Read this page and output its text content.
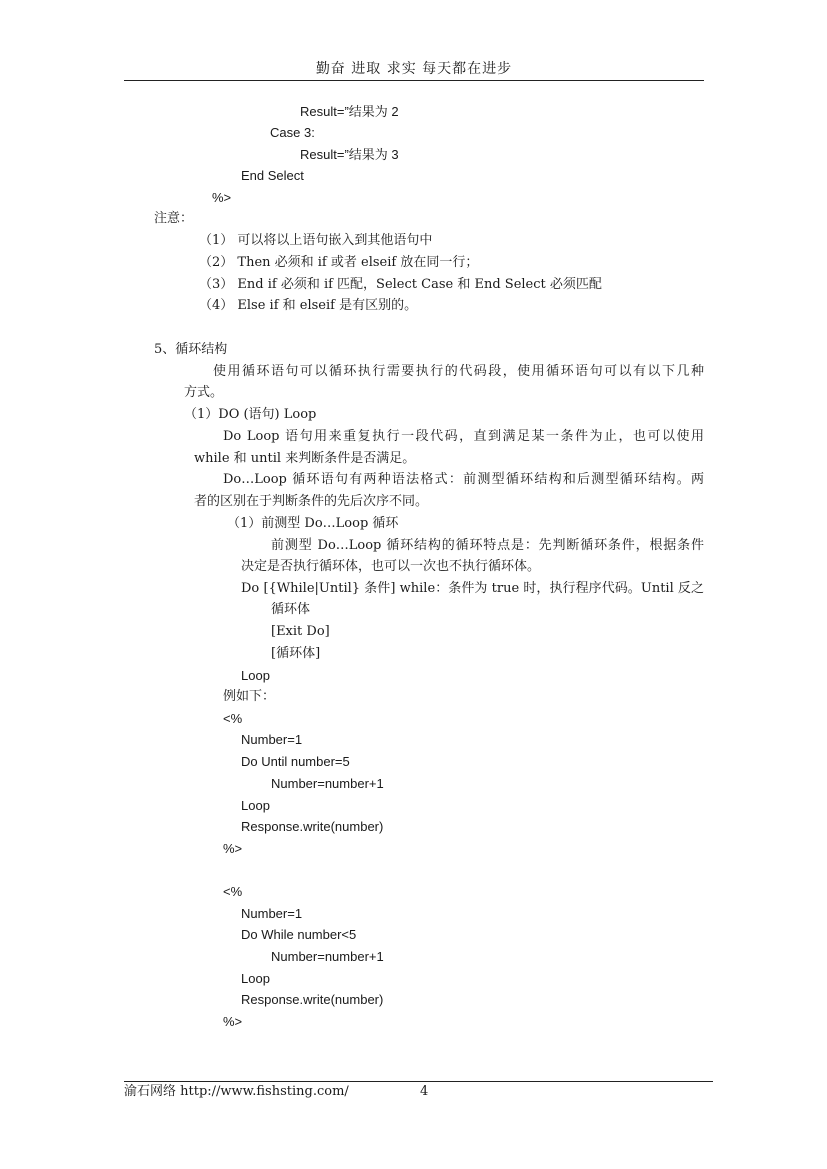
勤奋 进取 求实 每天都在进步
Result=”结果为 2
Case 3:
Result=”结果为 3
End Select
%>
注意：
（1） 可以将以上语句嵌入到其他语句中
（2） Then 必须和 if 或者 elseif 放在同一行；
（3） End if 必须和 if 匹配，Select Case 和 End Select 必须匹配
（4） Else if 和 elseif 是有区别的。
5、循环结构
使用循环语句可以循环执行需要执行的代码段，使用循环语句可以有以下几种
方式。
（1）DO (语句) Loop
Do Loop 语句用来重复执行一段代码，直到满足某一条件为止，也可以使用
while 和 until 来判断条件是否满足。
Do…Loop 循环语句有两种语法格式：前测型循环结构和后测型循环结构。两
者的区别在于判断条件的先后次序不同。
（1）前测型 Do…Loop 循环
前测型 Do…Loop 循环结构的循环特点是：先判断循环条件，根据条件
决定是否执行循环体，也可以一次也不执行循环体。
Do [{While|Until} 条件] while：条件为 true 时，执行程序代码。Until 反之
循环体
[Exit Do]
[循环体]
Loop
例如下：
<%
Number=1
Do Until number=5
Number=number+1
Loop
Response.write(number)
%>
<%
Number=1
Do While number<5
Number=number+1
Loop
Response.write(number)
%>
渝石网络 http://www.fishsting.com/	4
